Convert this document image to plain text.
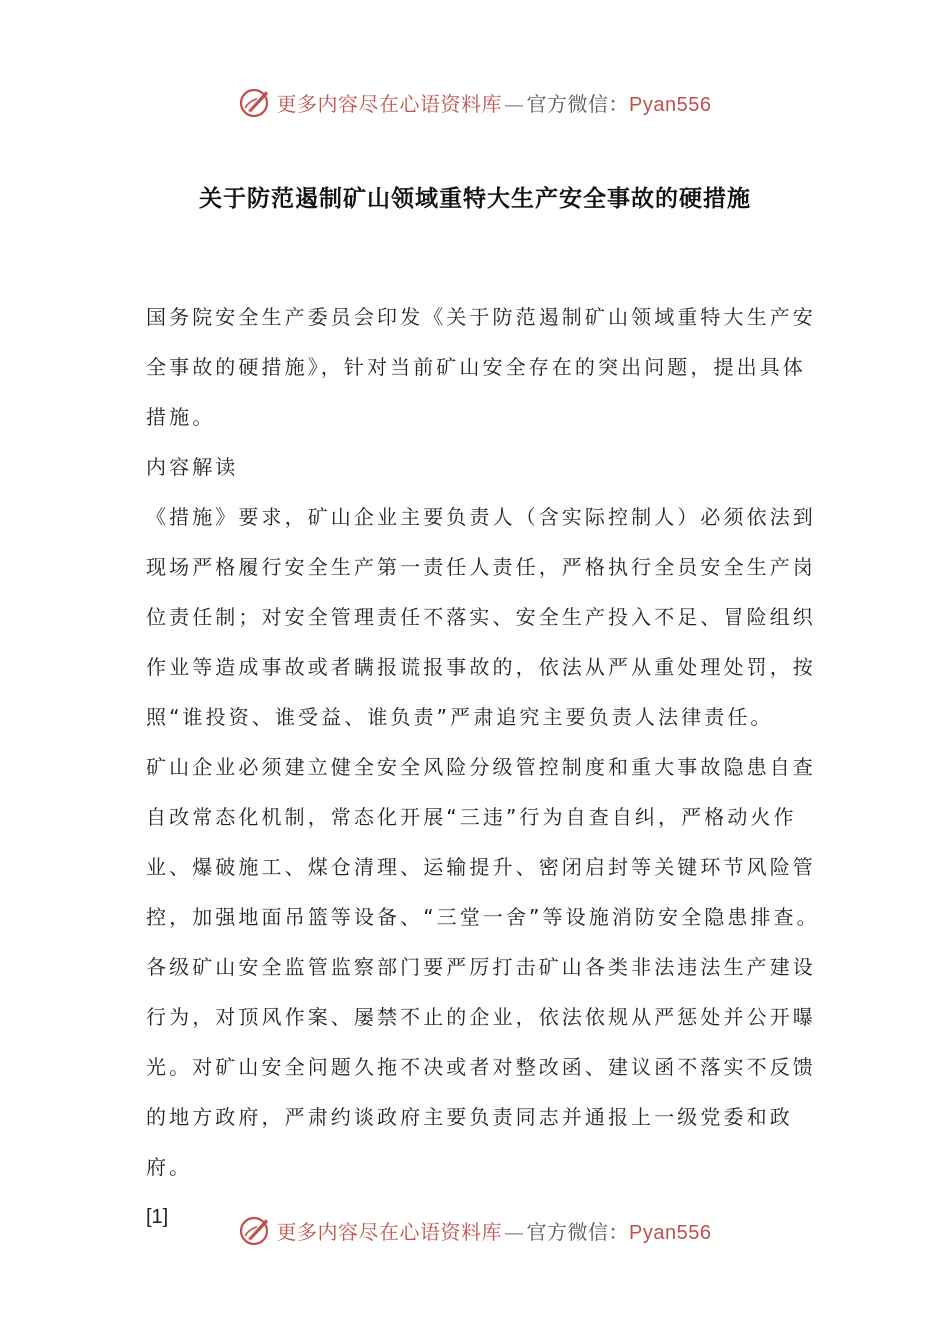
更多内容尽在心语资料库 — 官方微信：Pyan556
关于防范遏制矿山领域重特大生产安全事故的硬措施

国务院安全生产委员会印发《关于防范遏制矿山领域重特大生产安全事故的硬措施》，针对当前矿山安全存在的突出问题，提出具体措施。

内容解读

《措施》要求，矿山企业主要负责人（含实际控制人）必须依法到现场严格履行安全生产第一责任人责任，严格执行全员安全生产岗位责任制；对安全管理责任不落实、安全生产投入不足、冒险组织作业等造成事故或者瞒报谎报事故的，依法从严从重处理处罚，按照“谁投资、谁受益、谁负责”严肃追究主要负责人法律责任。

矿山企业必须建立健全安全风险分级管控制度和重大事故隐患自查自改常态化机制，常态化开展“三违”行为自查自纠，严格动火作业、爆破施工、煤仓清理、运输提升、密闭启封等关键环节风险管控，加强地面吊篮等设备、“三堂一舍”等设施消防安全隐患排查。

各级矿山安全监管监察部门要严厉打击矿山各类非法违法生产建设行为，对顶风作案、屡禁不止的企业，依法依规从严惩处并公开曝光。对矿山安全问题久拖不决或者对整改函、建议函不落实不反馈的地方政府，严肃约谈政府主要负责同志并通报上一级党委和政府。

[1]

更多内容尽在心语资料库 — 官方微信：Pyan556
